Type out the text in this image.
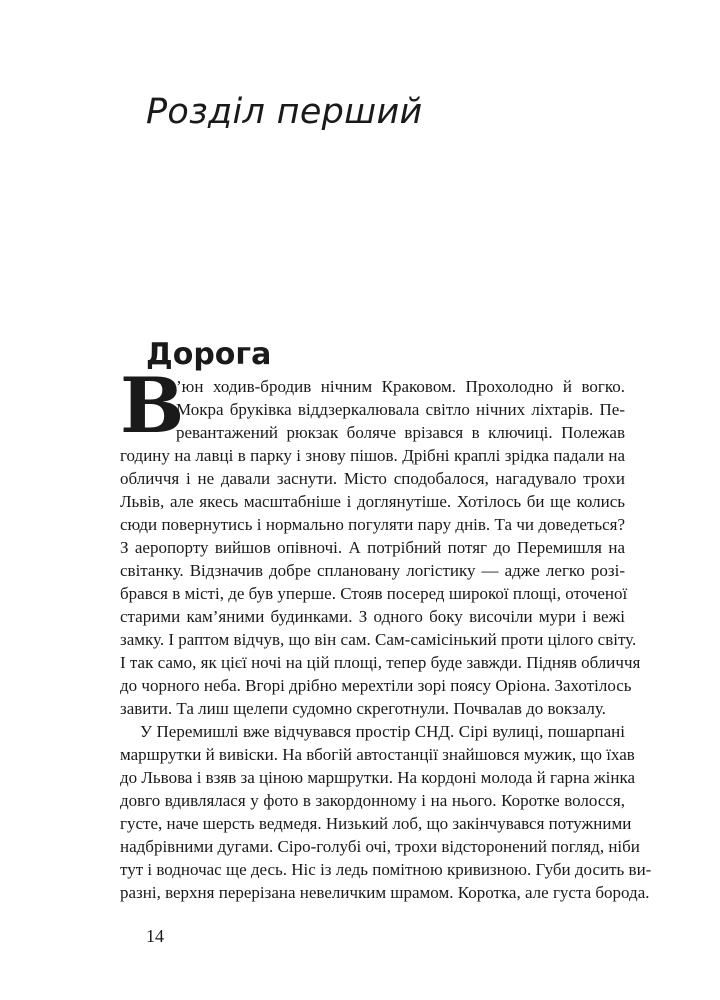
Розділ перший
Дорога
В
’юн ходив-бродив нічним Краковом. Прохолодно й вогко.
Мокра бруківка віддзеркалювала світло нічних ліхтарів. Пе-
ревантажений рюкзак боляче врізався в ключиці. Полежав
годину на лавці в парку і знову пішов. Дрібні краплі зрідка падали на
обличчя і не давали заснути. Місто сподобалося, нагадувало трохи
Львів, але якесь масштабніше і доглянутіше. Хотілось би ще колись
сюди повернутись і нормально погуляти пару днів. Та чи доведеться?
З аеропорту вийшов опівночі. А потрібний потяг до Перемишля на
світанку. Відзначив добре сплановану логістику — адже легко розі-
брався в місті, де був уперше. Стояв посеред широкої площі, оточеної
старими кам’яними будинками. З одного боку височіли мури і вежі
замку. І раптом відчув, що він сам. Сам-самісінький проти цілого світу.
І так само, як цієї ночі на цій площі, тепер буде завжди. Підняв обличчя
до чорного неба. Вгорі дрібно мерехтіли зорі поясу Оріона. Захотілось
завити. Та лиш щелепи судомно скреготнули. Почвалав до вокзалу.
У Перемишлі вже відчувався простір СНД. Сірі вулиці, пошарпані
маршрутки й вивіски. На вбогій автостанції знайшовся мужик, що їхав
до Львова і взяв за ціною маршрутки. На кордоні молода й гарна жінка
довго вдивлялася у фото в закордонному і на нього. Коротке волосся,
густе, наче шерсть ведмедя. Низький лоб, що закінчувався потужними
надбрівними дугами. Сіро-голубі очі, трохи відсторонений погляд, ніби
тут і водночас ще десь. Ніс із ледь помітною кривизною. Губи досить ви-
разні, верхня перерізана невеличким шрамом. Коротка, але густа борода.
14
